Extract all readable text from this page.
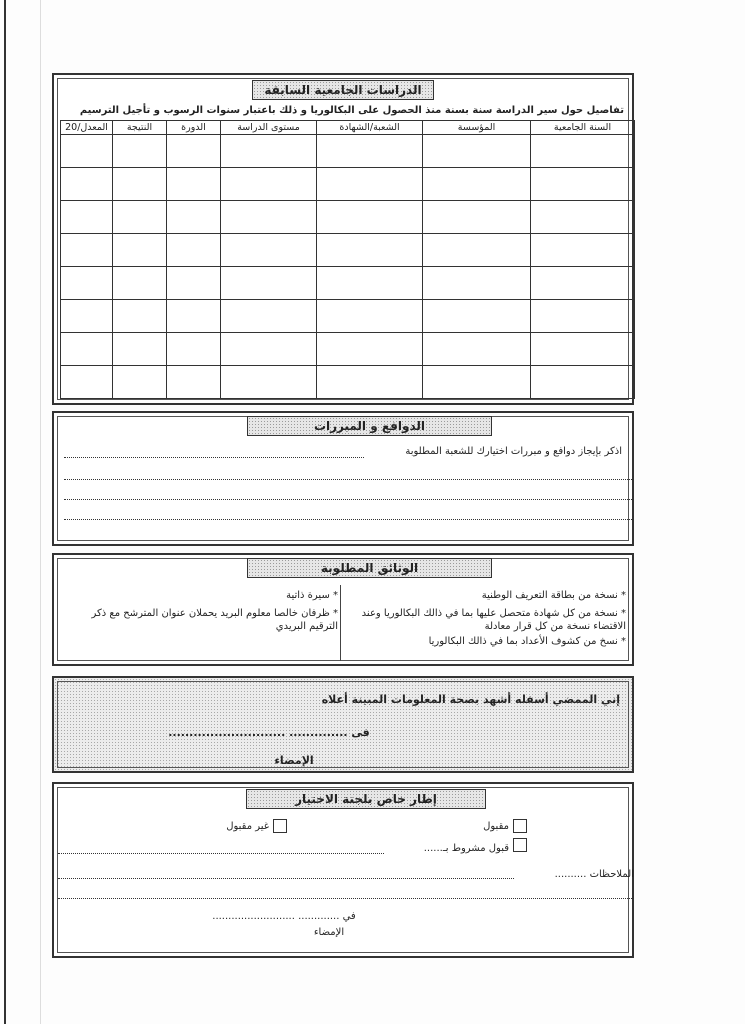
الدراسات الجامعية السابقة
تفاصيل حول سير الدراسة سنة بسنة منذ الحصول على البكالوريا و ذلك باعتبار سنوات الرسوب و تأجيل الترسيم
السنة الجامعية	المؤسسة	الشعبة/الشهادة	مستوى الدراسة	الدورة	النتيجة	المعدل/20

الدوافع و المبررات
اذكر بإيجاز دوافع و مبررات اختيارك للشعبة المطلوبة
الوثائق المطلوبة
* نسخة من بطاقة التعريف الوطنية
* نسخة من كل شهادة متحصل عليها بما في ذالك البكالوريا وعند الاقتضاء نسخة من كل قرار معادلة
* نسخ من كشوف الأعداد بما في ذالك البكالوريا
* سيرة ذاتية
* ظرفان خالصا معلوم البريد يحملان عنوان المترشح مع ذكر الترقيم البريدي
إني الممضي أسفله أشهد بصحة المعلومات المبينة أعلاه
فى .............. ............................
الإمضاء
إطار خاص بلجنة الاختيار
مقبول
غير مقبول
قبول مشروط بـ......
الملاحظات ..........
في ............. ..........................
الإمضاء
